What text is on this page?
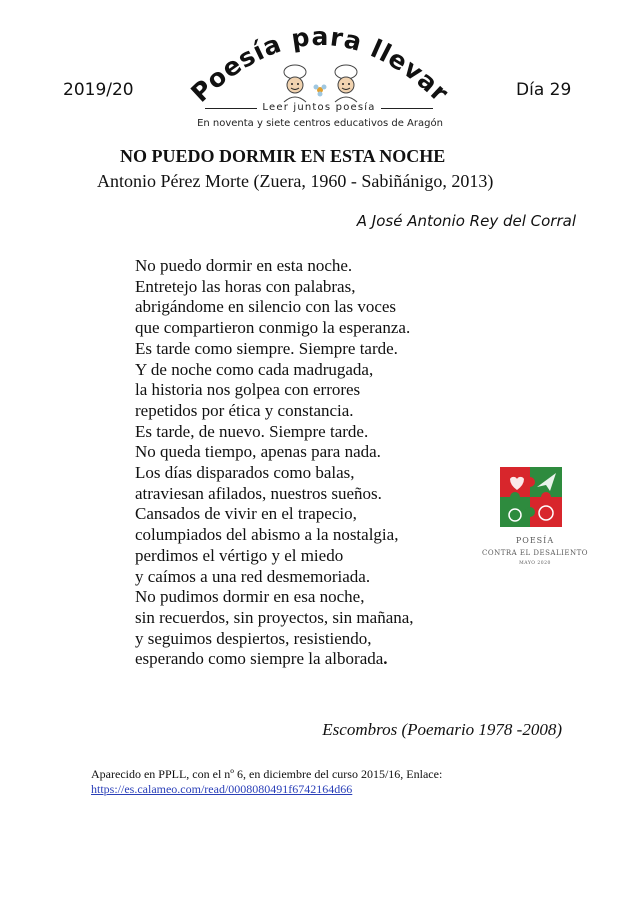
2019/20	Día 29
Poesía para llevar
Leer juntos poesía
En noventa y siete centros educativos de Aragón
NO PUEDO DORMIR EN ESTA NOCHE
Antonio Pérez Morte (Zuera, 1960 - Sabiñánigo, 2013)
A José Antonio Rey del Corral
No puedo dormir en esta noche.
Entretejo las horas con palabras,
abrigándome en silencio con las voces
que compartieron conmigo la esperanza.
Es tarde como siempre. Siempre tarde.
Y de noche como cada madrugada,
la historia nos golpea con errores
repetidos por ética y constancia.
Es tarde, de nuevo. Siempre tarde.
No queda tiempo, apenas para nada.
Los días disparados como balas,
atraviesan afilados, nuestros sueños.
Cansados de vivir en el trapecio,
columpiados del abismo a la nostalgia,
perdimos el vértigo y el miedo
y caímos a una red desmemoriada.
No pudimos dormir en esa noche,
sin recuerdos, sin proyectos, sin mañana,
y seguimos despiertos, resistiendo,
esperando como siempre la alborada.
POESÍA
CONTRA EL DESALIENTO
MAYO 2020
Escombros (Poemario 1978 -2008)
Aparecido en PPLL, con el nº 6, en diciembre del curso 2015/16, Enlace:
https://es.calameo.com/read/0008080491f6742164d66
